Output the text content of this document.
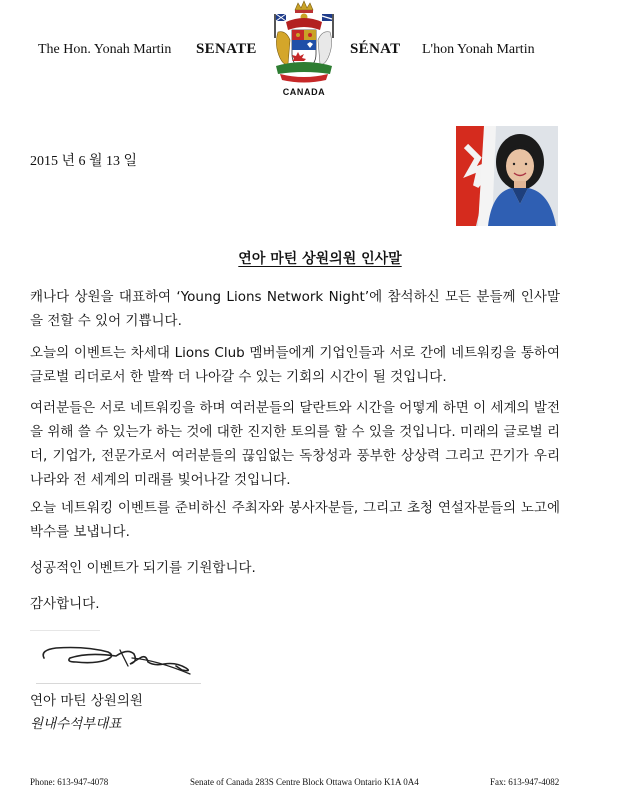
The Hon. Yonah Martin SENATE
CANADA
SÉNAT L'hon Yonah Martin
2015 년 6 월 13 일
연아 마틴 상원의원 인사말

캐나다 상원을 대표하여 ‘Young Lions Network Night’에 참석하신 모든 분들께 인사말을 전할 수 있어 기쁩니다.

오늘의 이벤트는 차세대 Lions Club 멤버들에게 기업인들과 서로 간에 네트워킹을 통하여 글로벌 리더로서 한 발짝 더 나아갈 수 있는 기회의 시간이 될 것입니다.

여러분들은 서로 네트워킹을 하며 여러분들의 달란트와 시간을 어떻게 하면 이 세계의 발전을 위해 쓸 수 있는가 하는 것에 대한 진지한 토의를 할 수 있을 것입니다. 미래의 글로벌 리더, 기업가, 전문가로서 여러분들의 끊임없는 독창성과 풍부한 상상력 그리고 끈기가 우리나라와 전 세계의 미래를 빛어나갈 것입니다.

오늘 네트워킹 이벤트를 준비하신 주최자와 봉사자분들, 그리고 초청 연설자분들의 노고에 박수를 보냅니다.

성공적인 이벤트가 되기를 기원합니다.

감사합니다.

연아 마틴 상원의원
원내수석부대표
Phone: 613-947-4078	Senate of Canada 283S Centre Block Ottawa Ontario K1A 0A4	Fax: 613-947-4082
